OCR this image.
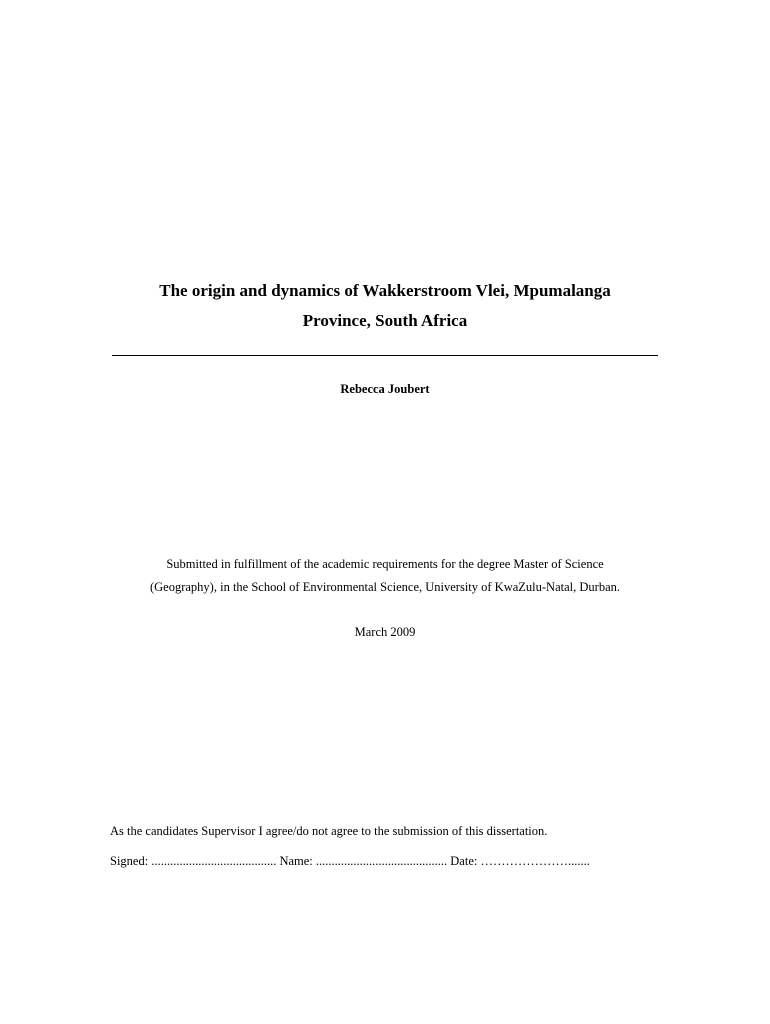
The origin and dynamics of Wakkerstroom Vlei, Mpumalanga
Province, South Africa
Rebecca Joubert
Submitted in fulfillment of the academic requirements for the degree Master of Science
(Geography), in the School of Environmental Science, University of KwaZulu-Natal, Durban.
March 2009
As the candidates Supervisor I agree/do not agree to the submission of this dissertation.
Signed: ........................................ Name: .......................................... Date: ………………….......
